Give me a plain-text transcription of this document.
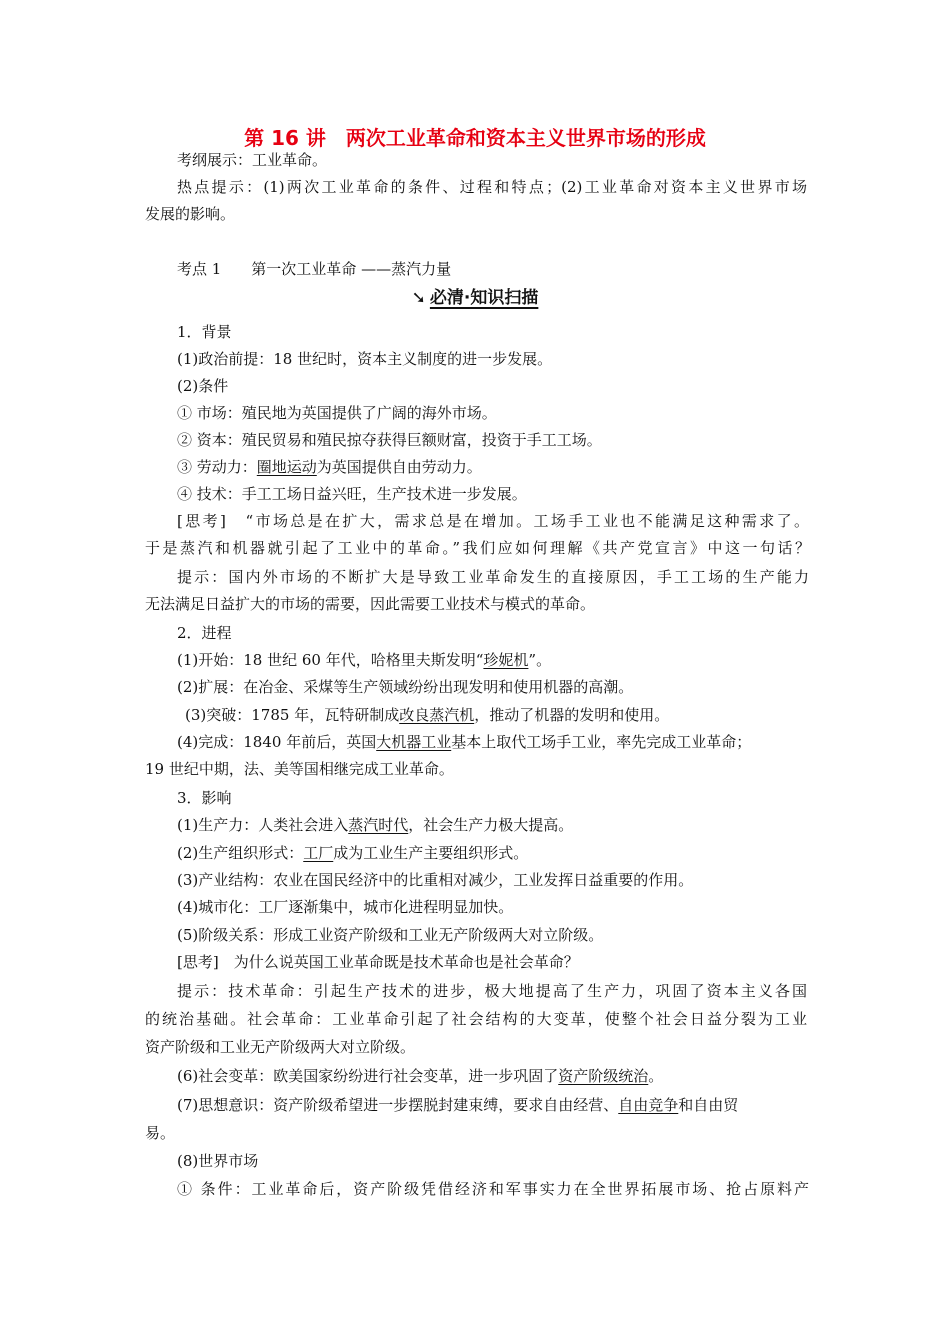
第 16 讲　两次工业革命和资本主义世界市场的形成
考纲展示：工业革命。
热点提示：(1)两次工业革命的条件、过程和特点；(2)工业革命对资本主义世界市场
发展的影响。
考点 1　　第一次工业革命 ——蒸汽力量
➘ 必清·知识扫描
1．背景
(1)政治前提：18 世纪时，资本主义制度的进一步发展。
(2)条件
① 市场：殖民地为英国提供了广阔的海外市场。
② 资本：殖民贸易和殖民掠夺获得巨额财富，投资于手工工场。
③ 劳动力：圈地运动为英国提供自由劳动力。
④ 技术：手工工场日益兴旺，生产技术进一步发展。
[思考]　“市场总是在扩大，需求总是在增加。工场手工业也不能满足这种需求了。
于是蒸汽和机器就引起了工业中的革命。”我们应如何理解《共产党宣言》中这一句话？
提示：国内外市场的不断扩大是导致工业革命发生的直接原因，手工工场的生产能力
无法满足日益扩大的市场的需要，因此需要工业技术与模式的革命。
2．进程
(1)开始：18 世纪 60 年代，哈格里夫斯发明“珍妮机”。
(2)扩展：在冶金、采煤等生产领域纷纷出现发明和使用机器的高潮。
(3)突破：1785 年，瓦特研制成改良蒸汽机，推动了机器的发明和使用。
(4)完成：1840 年前后，英国大机器工业基本上取代工场手工业，率先完成工业革命；
19 世纪中期，法、美等国相继完成工业革命。
3．影响
(1)生产力：人类社会进入蒸汽时代，社会生产力极大提高。
(2)生产组织形式：工厂成为工业生产主要组织形式。
(3)产业结构：农业在国民经济中的比重相对减少，工业发挥日益重要的作用。
(4)城市化：工厂逐渐集中，城市化进程明显加快。
(5)阶级关系：形成工业资产阶级和工业无产阶级两大对立阶级。
[思考]　为什么说英国工业革命既是技术革命也是社会革命？
提示：技术革命：引起生产技术的进步，极大地提高了生产力，巩固了资本主义各国
的统治基础。社会革命：工业革命引起了社会结构的大变革，使整个社会日益分裂为工业
资产阶级和工业无产阶级两大对立阶级。
(6)社会变革：欧美国家纷纷进行社会变革，进一步巩固了资产阶级统治。
(7)思想意识：资产阶级希望进一步摆脱封建束缚，要求自由经营、自由竞争和自由贸
易。
(8)世界市场
① 条件：工业革命后，资产阶级凭借经济和军事实力在全世界拓展市场、抢占原料产
